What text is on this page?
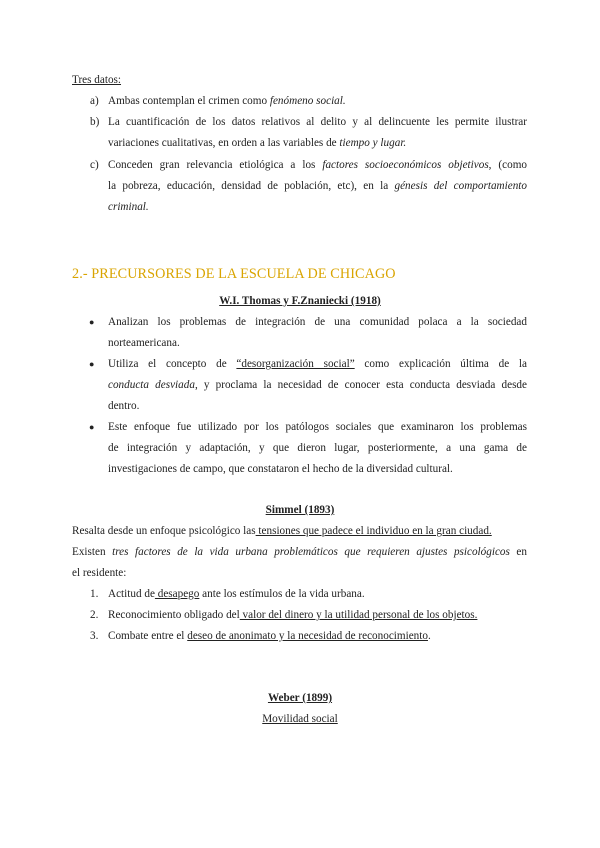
Tres datos:
a) Ambas contemplan el crimen como fenómeno social.
b) La cuantificación de los datos relativos al delito y al delincuente les permite ilustrar
variaciones cualitativas, en orden a las variables de tiempo y lugar.
c) Conceden gran relevancia etiológica a los factores socioeconómicos objetivos, (como
la pobreza, educación, densidad de población, etc), en la génesis del comportamiento
criminal.
2.- PRECURSORES DE LA ESCUELA DE CHICAGO
W.I. Thomas y F.Znaniecki (1918)
● Analizan los problemas de integración de una comunidad polaca a la sociedad
norteamericana.
● Utiliza el concepto de “desorganización social” como explicación última de la
conducta desviada, y proclama la necesidad de conocer esta conducta desviada desde
dentro.
● Este enfoque fue utilizado por los patólogos sociales que examinaron los problemas
de integración y adaptación, y que dieron lugar, posteriormente, a una gama de
investigaciones de campo, que constataron el hecho de la diversidad cultural.
Simmel (1893)
Resalta desde un enfoque psicológico las tensiones que padece el individuo en la gran ciudad.
Existen tres factores de la vida urbana problemáticos que requieren ajustes psicológicos en
el residente:
1. Actitud de desapego ante los estímulos de la vida urbana.
2. Reconocimiento obligado del valor del dinero y la utilidad personal de los objetos.
3. Combate entre el deseo de anonimato y la necesidad de reconocimiento.
Weber (1899)
Movilidad social
